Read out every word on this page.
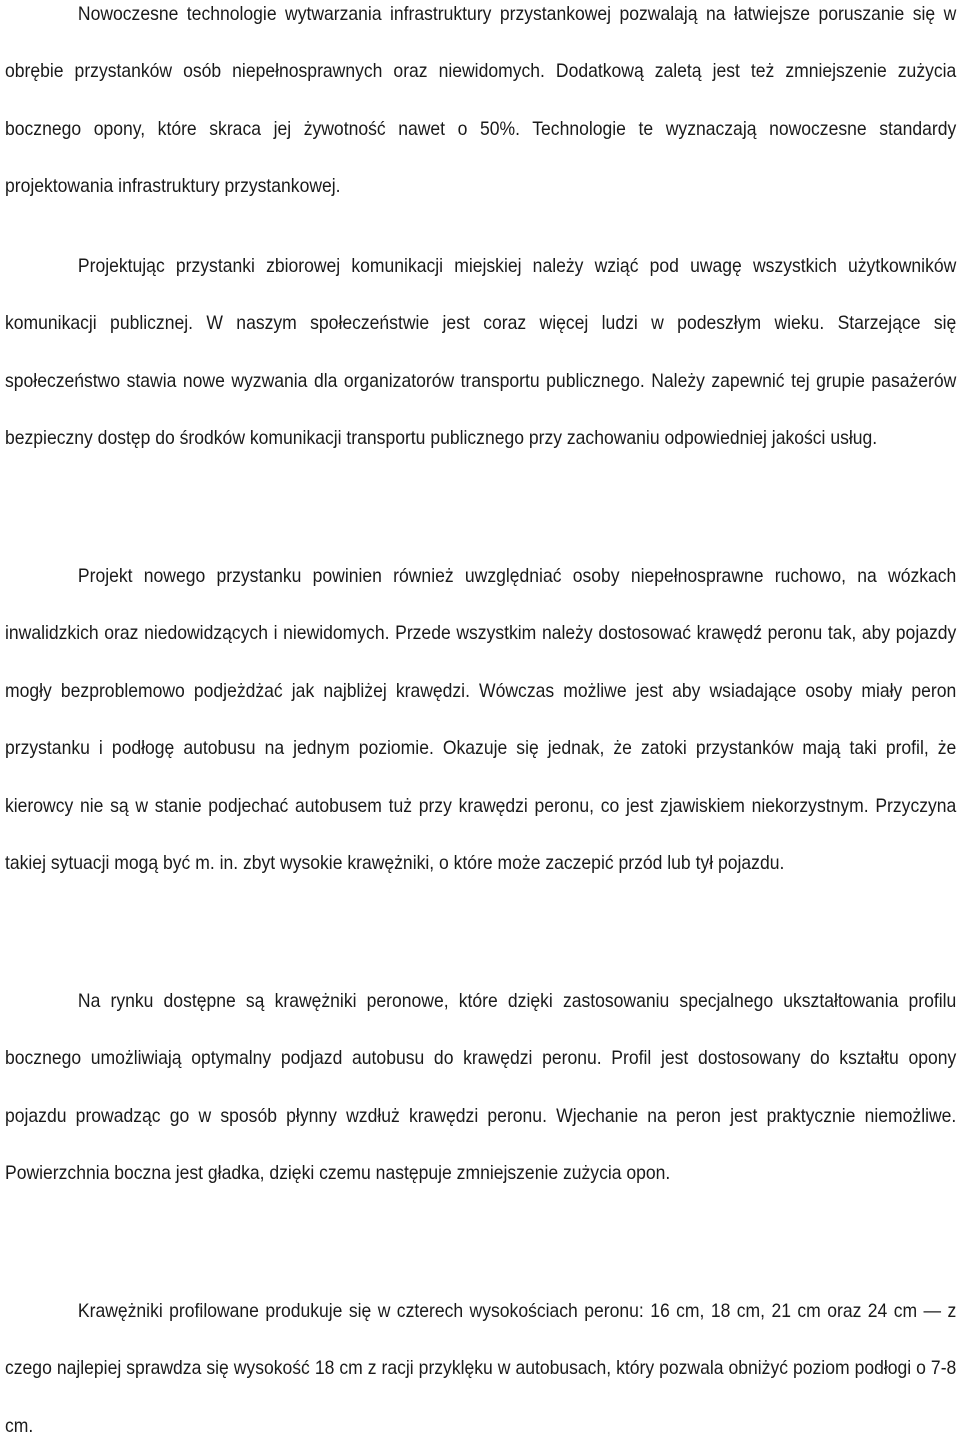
Nowoczesne technologie wytwarzania infrastruktury przystankowej pozwalają na łatwiejsze poruszanie się w obrębie przystanków osób niepełnosprawnych oraz niewidomych. Dodatkową zaletą jest też zmniejszenie zużycia bocznego opony, które skraca jej żywotność nawet o 50%. Technologie te wyznaczają nowoczesne standardy projektowania infrastruktury przystankowej.

Projektując przystanki zbiorowej komunikacji miejskiej należy wziąć pod uwagę wszystkich użytkowników komunikacji publicznej. W naszym społeczeństwie jest coraz więcej ludzi w podeszłym wieku. Starzejące się społeczeństwo stawia nowe wyzwania dla organizatorów transportu publicznego. Należy zapewnić tej grupie pasażerów bezpieczny dostęp do środków komunikacji transportu publicznego przy zachowaniu odpowiedniej jakości usług.

Projekt nowego przystanku powinien również uwzględniać osoby niepełnosprawne ruchowo, na wózkach inwalidzkich oraz niedowidzących i niewidomych. Przede wszystkim należy dostosować krawędź peronu tak, aby pojazdy mogły bezproblemowo podjeżdżać jak najbliżej krawędzi. Wówczas możliwe jest aby wsiadające osoby miały peron przystanku i podłogę autobusu na jednym poziomie. Okazuje się jednak, że zatoki przystanków mają taki profil, że kierowcy nie są w stanie podjechać autobusem tuż przy krawędzi peronu, co jest zjawiskiem niekorzystnym. Przyczyna takiej sytuacji mogą być m. in. zbyt wysokie krawężniki, o które może zaczepić przód lub tył pojazdu.

Na rynku dostępne są krawężniki peronowe, które dzięki zastosowaniu specjalnego ukształtowania profilu bocznego umożliwiają optymalny podjazd autobusu do krawędzi peronu. Profil jest dostosowany do kształtu opony pojazdu prowadząc go w sposób płynny wzdłuż krawędzi peronu. Wjechanie na peron jest praktycznie niemożliwe. Powierzchnia boczna jest gładka, dzięki czemu następuje zmniejszenie zużycia opon.

Krawężniki profilowane produkuje się w czterech wysokościach peronu: 16 cm, 18 cm, 21 cm oraz 24 cm — z czego najlepiej sprawdza się wysokość 18 cm z racji przyklęku w autobusach, który pozwala obniżyć poziom podłogi o 7-8 cm.
